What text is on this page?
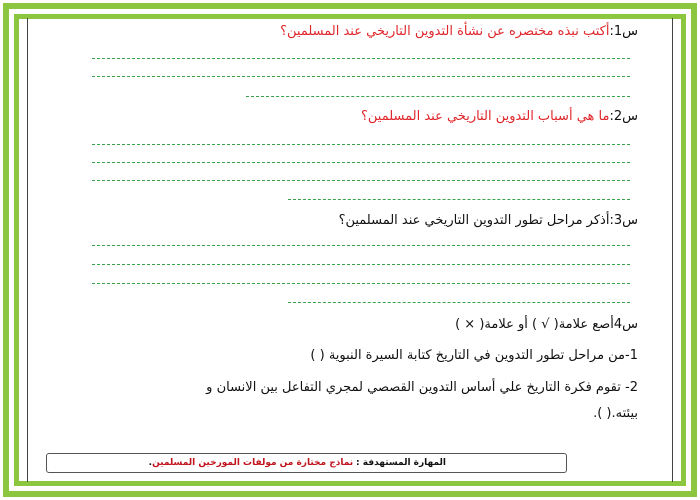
س1:أكتب نبذه مختصره عن نشأة التدوين التاريخي عند المسلمين؟
س2:ما هي أسباب التدوين التاريخي عند المسلمين؟
س3:أذكر مراحل تطور التدوين التاريخي عند المسلمين؟
س4أصع علامة( √ ) أو علامة( × )
1-من مراحل تطور التدوين في التاريخ كتابة السيرة النبوية ( )
2- تقوم فكرة التاريخ علي أساس التدوين القصصي لمجري التفاعل بين الانسان و
بيئته.( ).
المهارة المستهدفة : نماذج مختارة من مولفات المورخين المسلمين.
